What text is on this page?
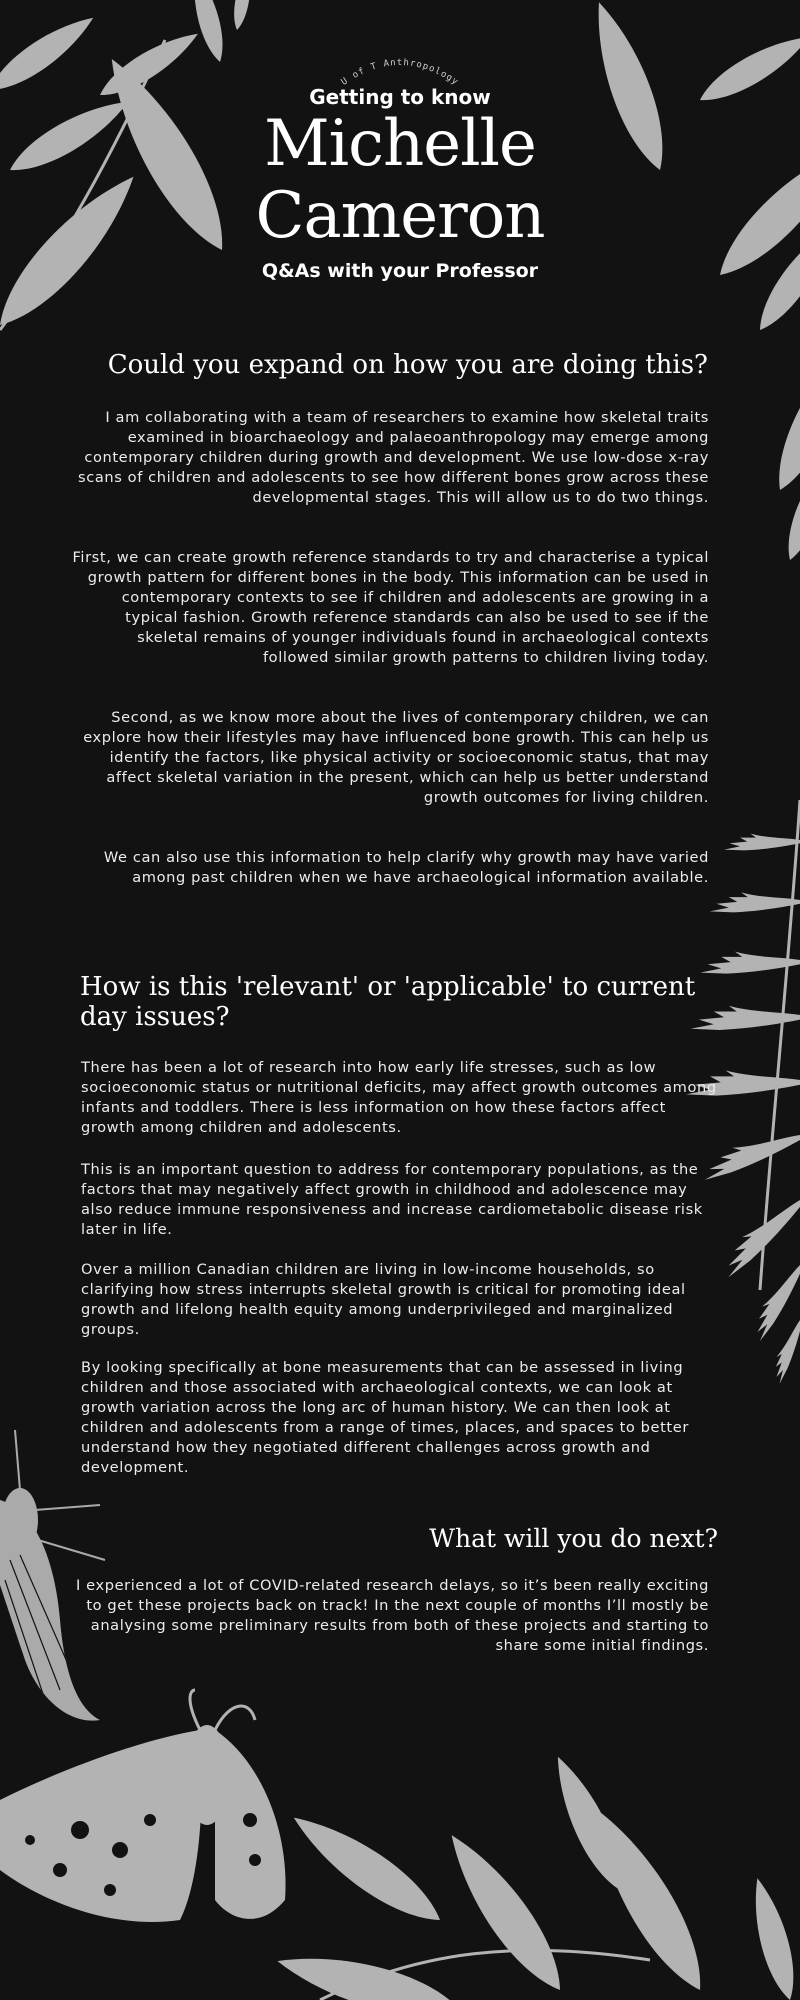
U of T Anthropology
Getting to know
Michelle
Cameron
Q&As with your Professor
Could you expand on how you are doing this?

I am collaborating with a team of researchers to examine how skeletal traits examined in bioarchaeology and palaeoanthropology may emerge among contemporary children during growth and development. We use low-dose x-ray scans of children and adolescents to see how different bones grow across these developmental stages. This will allow us to do two things.

First, we can create growth reference standards to try and characterise a typical growth pattern for different bones in the body. This information can be used in contemporary contexts to see if children and adolescents are growing in a typical fashion. Growth reference standards can also be used to see if the skeletal remains of younger individuals found in archaeological contexts followed similar growth patterns to children living today.

Second, as we know more about the lives of contemporary children, we can explore how their lifestyles may have influenced bone growth. This can help us identify the factors, like physical activity or socioeconomic status, that may affect skeletal variation in the present, which can help us better understand growth outcomes for living children.

We can also use this information to help clarify why growth may have varied among past children when we have archaeological information available.

How is this 'relevant' or 'applicable' to current day issues?

There has been a lot of research into how early life stresses, such as low socioeconomic status or nutritional deficits, may affect growth outcomes among infants and toddlers. There is less information on how these factors affect growth among children and adolescents.

This is an important question to address for contemporary populations, as the factors that may negatively affect growth in childhood and adolescence may also reduce immune responsiveness and increase cardiometabolic disease risk later in life.

Over a million Canadian children are living in low-income households, so clarifying how stress interrupts skeletal growth is critical for promoting ideal growth and lifelong health equity among underprivileged and marginalized groups.

By looking specifically at bone measurements that can be assessed in living children and those associated with archaeological contexts, we can look at growth variation across the long arc of human history. We can then look at children and adolescents from a range of times, places, and spaces to better understand how they negotiated different challenges across growth and development.

What will you do next?

I experienced a lot of COVID-related research delays, so it’s been really exciting to get these projects back on track! In the next couple of months I’ll mostly be analysing some preliminary results from both of these projects and starting to share some initial findings.
